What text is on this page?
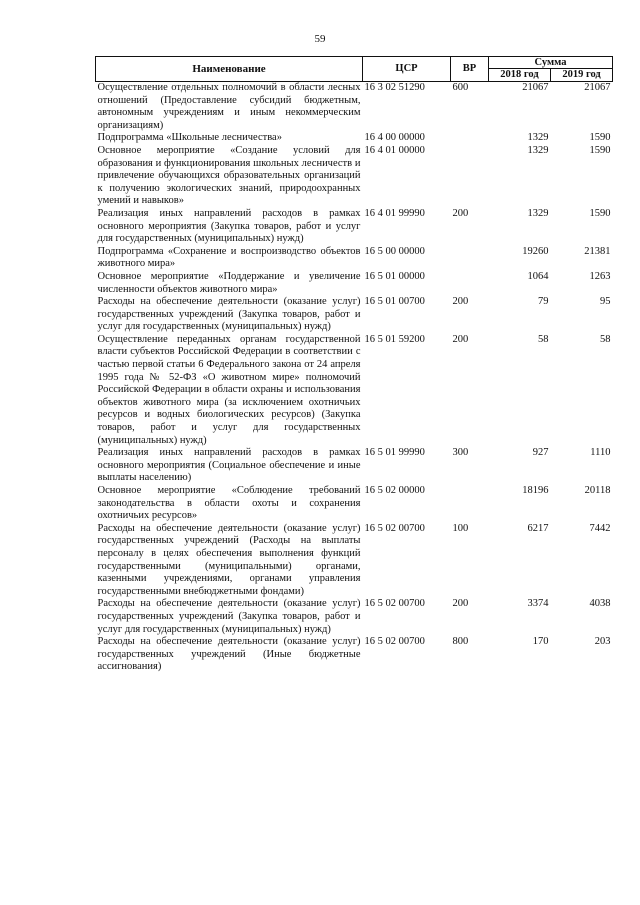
59
Наименование	ЦСР	ВР	Сумма	
			2018 год	2019 год
Осуществление отдельных полномочий в области лесных отношений (Предоставление субсидий бюджетным, автономным учреждениям и иным некоммерческим организациям)	16 3 02 51290	600	21067	21067
Подпрограмма «Школьные лесничества»	16 4 00 00000		1329	1590
Основное мероприятие «Создание условий для образования и функционирования школьных лесничеств и привлечение обучающихся образовательных организаций к получению экологических знаний, природоохранных умений и навыков»	16 4 01 00000		1329	1590
Реализация иных направлений расходов в рамках основного мероприятия (Закупка товаров, работ и услуг для государственных (муниципальных) нужд)	16 4 01 99990	200	1329	1590
Подпрограмма «Сохранение и воспроизводство объектов животного мира»	16 5 00 00000		19260	21381
Основное мероприятие «Поддержание и увеличение численности объектов животного мира»	16 5 01 00000		1064	1263
Расходы на обеспечение деятельности (оказание услуг) государственных учреждений (Закупка товаров, работ и услуг для государственных (муниципальных) нужд)	16 5 01 00700	200	79	95
Осуществление переданных органам государственной власти субъектов Российской Федерации в соответствии с частью первой статьи 6 Федерального закона от 24 апреля 1995 года № 52-ФЗ «О животном мире» полномочий Российской Федерации в области охраны и использования объектов животного мира (за исключением охотничьих ресурсов и водных биологических ресурсов) (Закупка товаров, работ и услуг для государственных (муниципальных) нужд)	16 5 01 59200	200	58	58
Реализация иных направлений расходов в рамках основного мероприятия (Социальное обеспечение и иные выплаты населению)	16 5 01 99990	300	927	1110
Основное мероприятие «Соблюдение требований законодательства в области охоты и сохранения охотничьих ресурсов»	16 5 02 00000		18196	20118
Расходы на обеспечение деятельности (оказание услуг) государственных учреждений (Расходы на выплаты персоналу в целях обеспечения выполнения функций государственными (муниципальными) органами, казенными учреждениями, органами управления государственными внебюджетными фондами)	16 5 02 00700	100	6217	7442
Расходы на обеспечение деятельности (оказание услуг) государственных учреждений (Закупка товаров, работ и услуг для государственных (муниципальных) нужд)	16 5 02 00700	200	3374	4038
Расходы на обеспечение деятельности (оказание услуг) государственных учреждений (Иные бюджетные ассигнования)	16 5 02 00700	800	170	203
